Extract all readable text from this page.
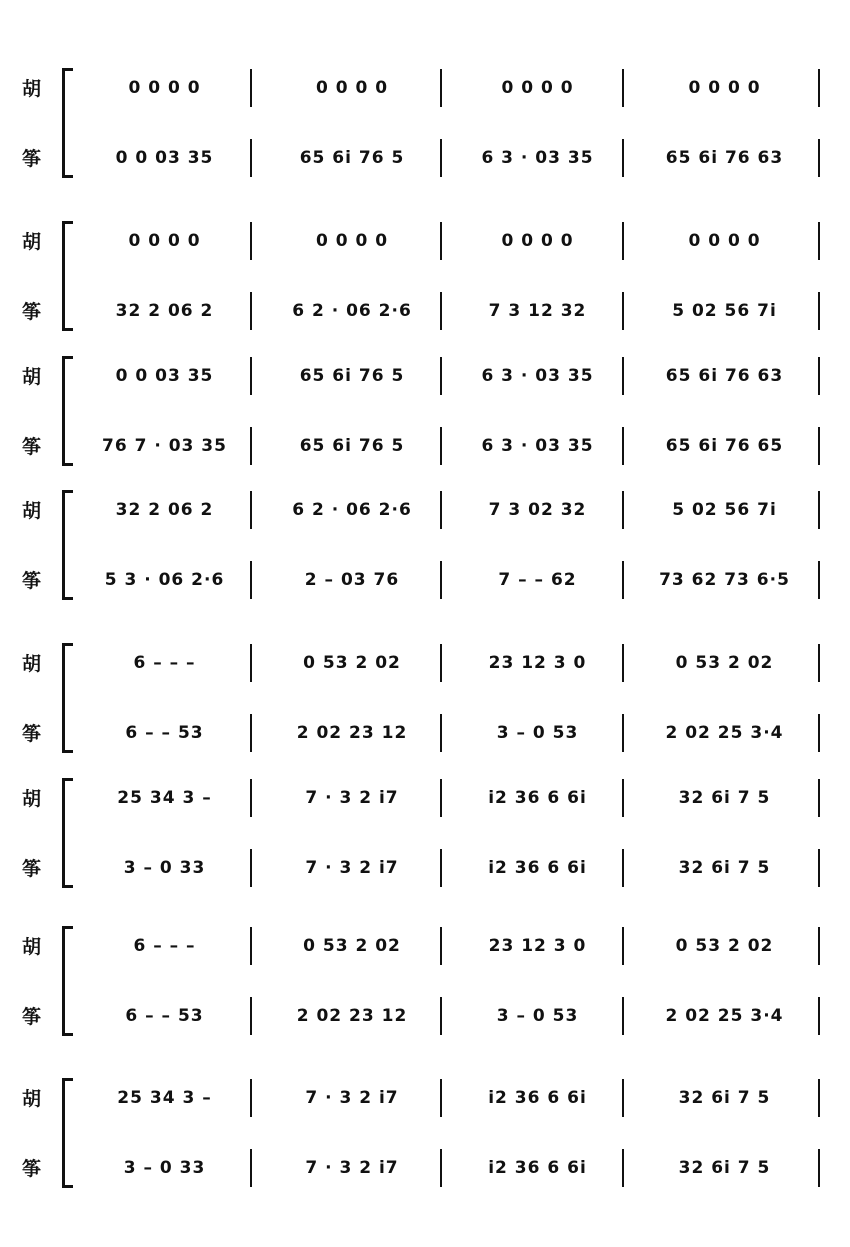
胡	0 0 0 0	0 0 0 0	0 0 0 0	0 0 0 0
筝	0 0 03 35	65 6i 76 5	6 3 · 03 35	65 6i 76 63
胡	0 0 0 0	0 0 0 0	0 0 0 0	0 0 0 0
筝	32 2 06 2	6 2 · 06 2·6	7 3 12 32	5 02 56 7i
胡	0 0 03 35	65 6i 76 5	6 3 · 03 35	65 6i 76 63
筝	76 7 · 03 35	65 6i 76 5	6 3 · 03 35	65 6i 76 65
胡	32 2 06 2	6 2 · 06 2·6	7 3 02 32	5 02 56 7i
筝	5 3 · 06 2·6	2 – 03 76	7 – – 62	73 62 73 6·5
胡	6 – – –	0 53 2 02	23 12 3 0	0 53 2 02
筝	6 – – 53	2 02 23 12	3 – 0 53	2 02 25 3·4
胡	25 34 3 –	7 · 3 2 i7	i2 36 6 6i	32 6i 7 5
筝	3 – 0 33	7 · 3 2 i7	i2 36 6 6i	32 6i 7 5
胡	6 – – –	0 53 2 02	23 12 3 0	0 53 2 02
筝	6 – – 53	2 02 23 12	3 – 0 53	2 02 25 3·4
胡	25 34 3 –	7 · 3 2 i7	i2 36 6 6i	32 6i 7 5
筝	3 – 0 33	7 · 3 2 i7	i2 36 6 6i	32 6i 7 5
